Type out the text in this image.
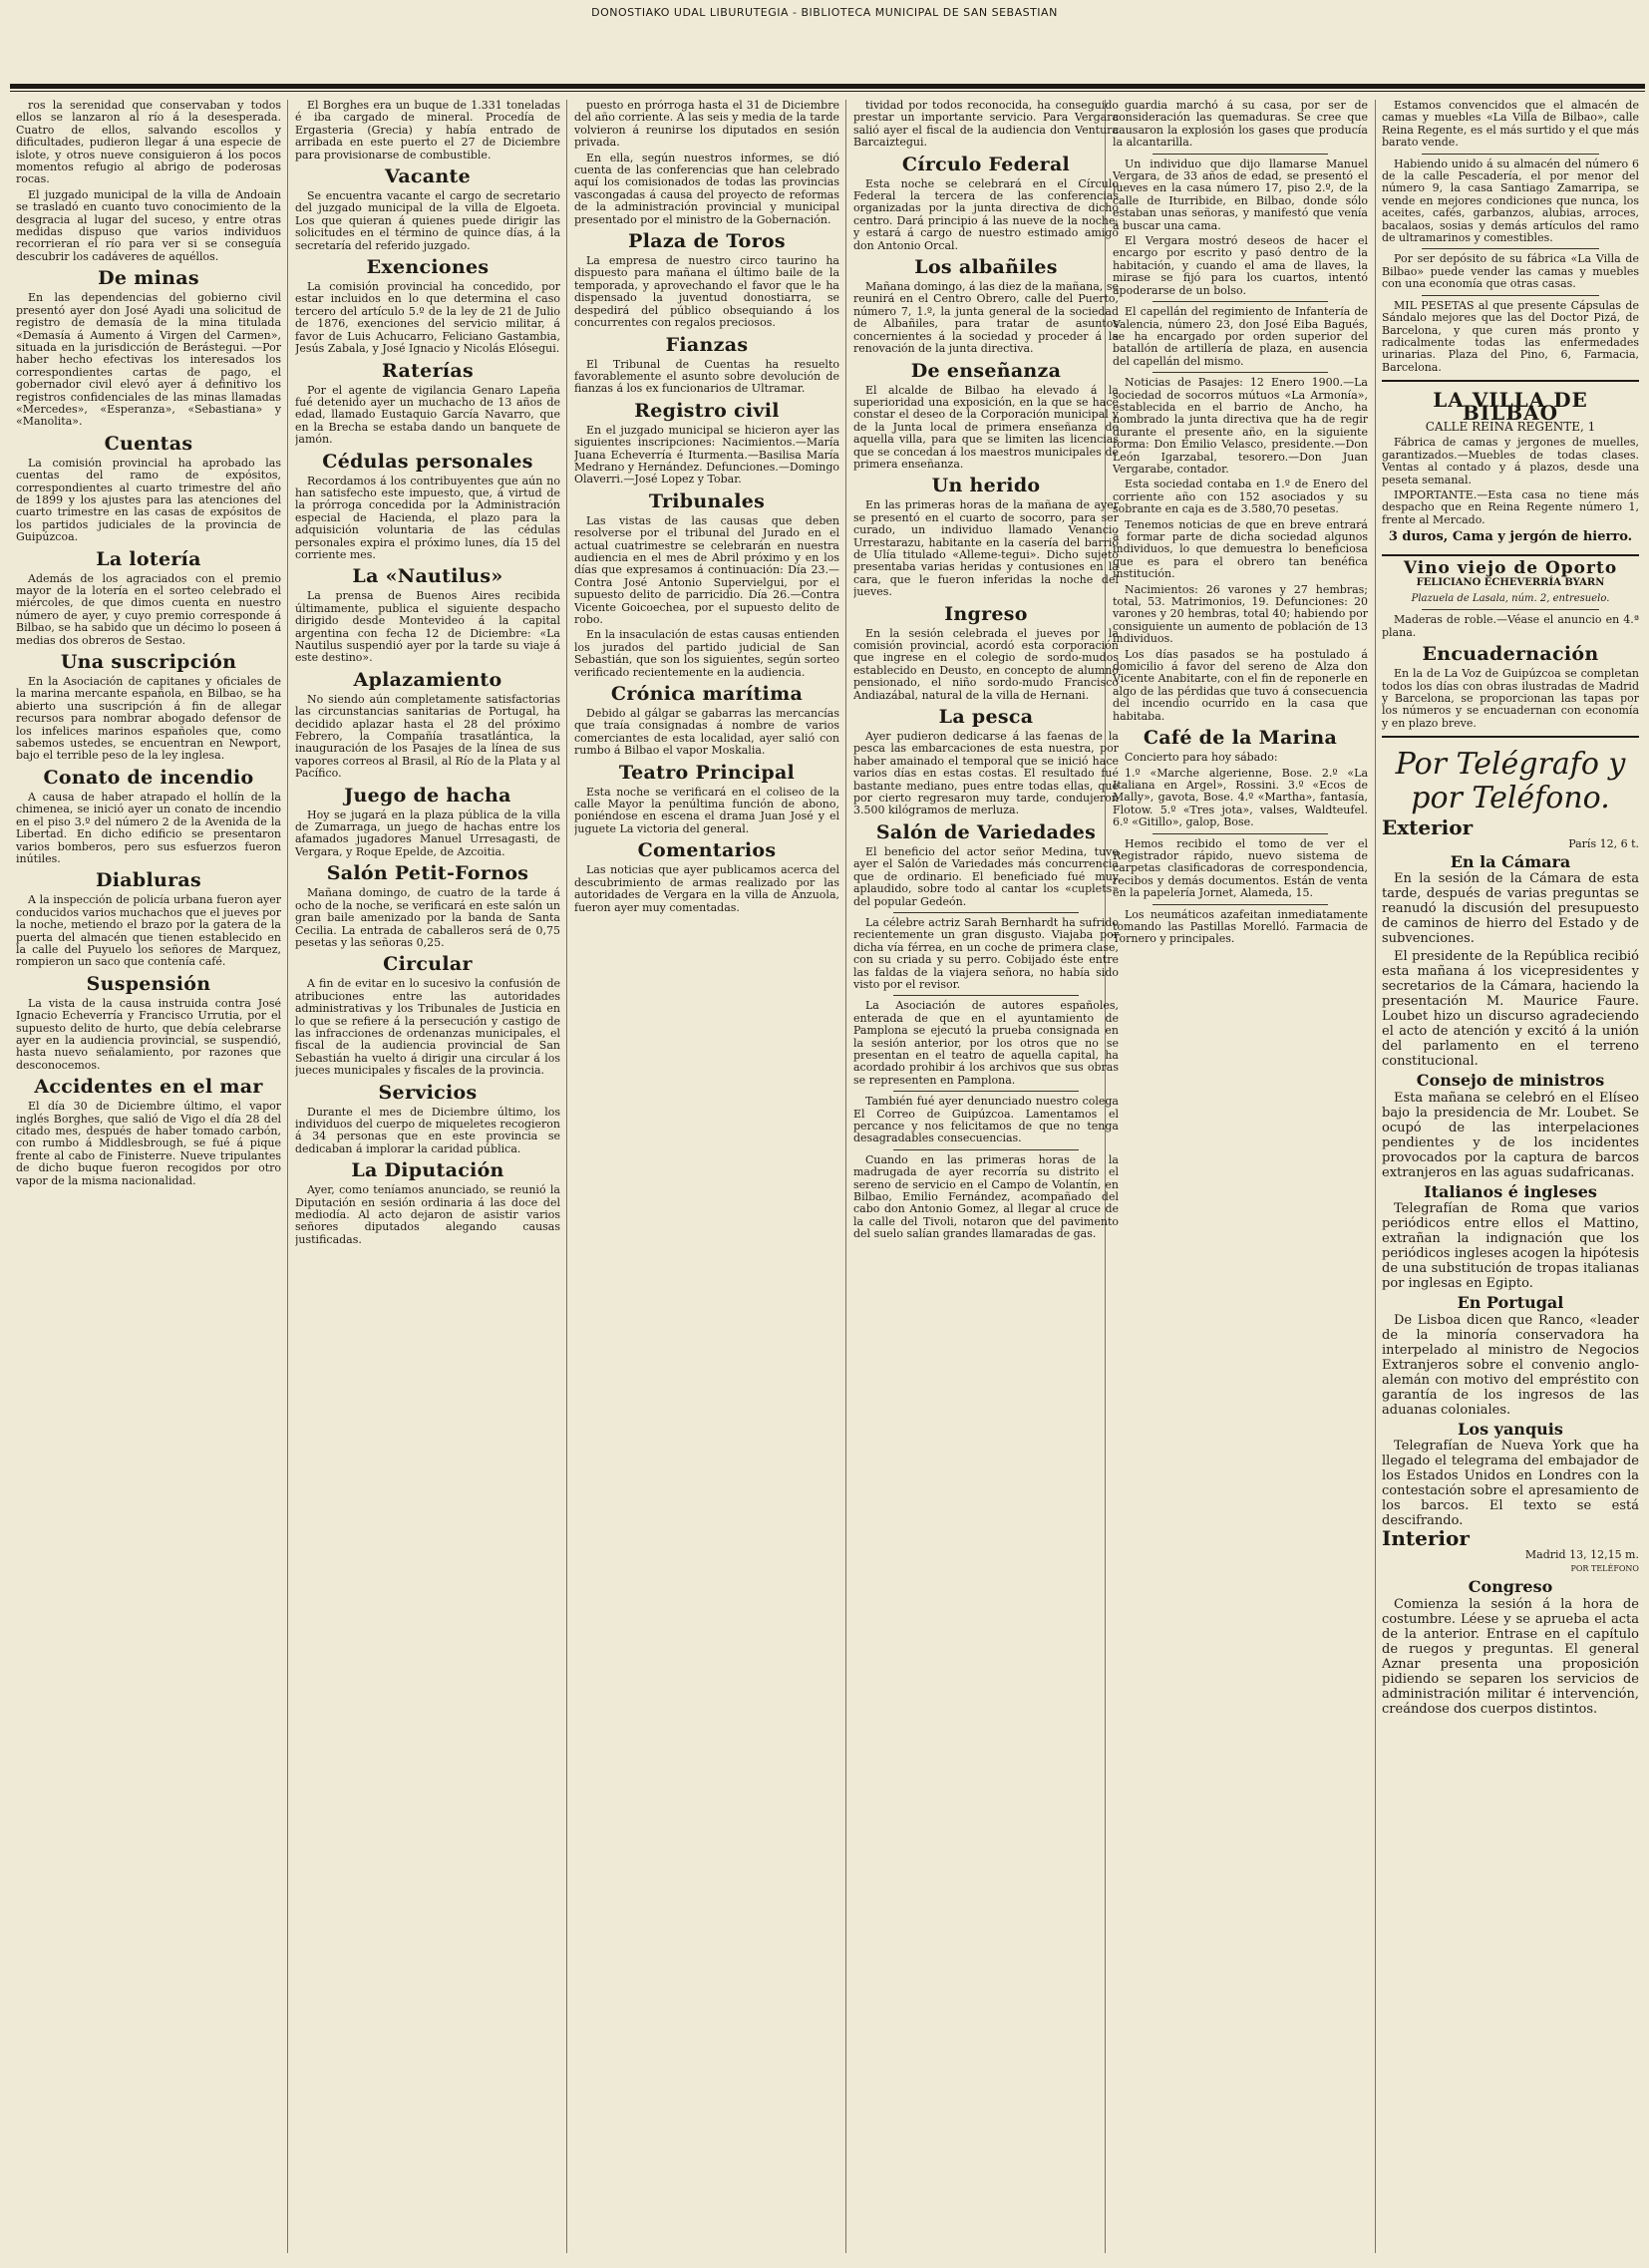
DONOSTIAKO UDAL LIBURUTEGIA - BIBLIOTECA MUNICIPAL DE SAN SEBASTIAN

ros la serenidad que conservaban y todos ellos se lanzaron al río á la desesperada. Cuatro de ellos, salvando escollos y dificultades, pudieron llegar á una especie de islote, y otros nueve consiguieron á los pocos momentos refugio al abrigo de poderosas rocas.

El juzgado municipal de la villa de Andoain se trasladó en cuanto tuvo conocimiento de la desgracia al lugar del suceso, y entre otras medidas dispuso que varios individuos recorrieran el río para ver si se conseguía descubrir los cadáveres de aquéllos.

De minas

En las dependencias del gobierno civil presentó ayer don José Ayadi una solicitud de registro de demasía de la mina titulada «Demasía á Aumento á Virgen del Carmen», situada en la jurisdicción de Berástegui. —Por haber hecho efectivas los interesados los correspondientes cartas de pago, el gobernador civil elevó ayer á definitivo los registros confidenciales de las minas llamadas «Mercedes», «Esperanza», «Sebastiana» y «Manolita».

Cuentas

La comisión provincial ha aprobado las cuentas del ramo de expósitos, correspondientes al cuarto trimestre del año de 1899 y los ajustes para las atenciones del cuarto trimestre en las casas de expósitos de los partidos judiciales de la provincia de Guipúzcoa.

La lotería

Además de los agraciados con el premio mayor de la lotería en el sorteo celebrado el miércoles, de que dimos cuenta en nuestro número de ayer, y cuyo premio corresponde á Bilbao, se ha sabido que un décimo lo poseen á medias dos obreros de Sestao.

Una suscripción

En la Asociación de capitanes y oficiales de la marina mercante española, en Bilbao, se ha abierto una suscripción á fin de allegar recursos para nombrar abogado defensor de los infelices marinos españoles que, como sabemos ustedes, se encuentran en Newport, bajo el terrible peso de la ley inglesa.

Conato de incendio

A causa de haber atrapado el hollín de la chimenea, se inició ayer un conato de incendio en el piso 3.º del número 2 de la Avenida de la Libertad. En dicho edificio se presentaron varios bomberos, pero sus esfuerzos fueron inútiles.

Diabluras

A la inspección de policía urbana fueron ayer conducidos varios muchachos que el jueves por la noche, metiendo el brazo por la gatera de la puerta del almacén que tienen establecido en la calle del Puyuelo los señores de Marquez, rompieron un saco que contenía café.

Suspensión

La vista de la causa instruida contra José Ignacio Echeverría y Francisco Urrutia, por el supuesto delito de hurto, que debía celebrarse ayer en la audiencia provincial, se suspendió, hasta nuevo señalamiento, por razones que desconocemos.

Accidentes en el mar

El día 30 de Diciembre último, el vapor inglés Borghes, que salió de Vigo el día 28 del citado mes, después de haber tomado carbón, con rumbo á Middlesbrough, se fué á pique frente al cabo de Finisterre. Nueve tripulantes de dicho buque fueron recogidos por otro vapor de la misma nacionalidad.

El Borghes era un buque de 1.331 toneladas é iba cargado de mineral. Procedía de Ergasteria (Grecia) y había entrado de arribada en este puerto el 27 de Diciembre para provisionarse de combustible.

Vacante

Se encuentra vacante el cargo de secretario del juzgado municipal de la villa de Elgoeta. Los que quieran á quienes puede dirigir las solicitudes en el término de quince días, á la secretaría del referido juzgado.

Exenciones

La comisión provincial ha concedido, por estar incluidos en lo que determina el caso tercero del artículo 5.º de la ley de 21 de Julio de 1876, exenciones del servicio militar, á favor de Luis Achucarro, Feliciano Gastambia, Jesús Zabala, y José Ignacio y Nicolás Elósegui.

Raterías

Por el agente de vigilancia Genaro Lapeña fué detenido ayer un muchacho de 13 años de edad, llamado Eustaquio García Navarro, que en la Brecha se estaba dando un banquete de jamón.

Cédulas personales

Recordamos á los contribuyentes que aún no han satisfecho este impuesto, que, á virtud de la prórroga concedida por la Administración especial de Hacienda, el plazo para la adquisición voluntaria de las cédulas personales expira el próximo lunes, día 15 del corriente mes.

La «Nautilus»

La prensa de Buenos Aires recibida últimamente, publica el siguiente despacho dirigido desde Montevideo á la capital argentina con fecha 12 de Diciembre: «La Nautilus suspendió ayer por la tarde su viaje á este destino».

Aplazamiento

No siendo aún completamente satisfactorias las circunstancias sanitarias de Portugal, ha decidido aplazar hasta el 28 del próximo Febrero, la Compañía trasatlántica, la inauguración de los Pasajes de la línea de sus vapores correos al Brasil, al Río de la Plata y al Pacífico.

Juego de hacha

Hoy se jugará en la plaza pública de la villa de Zumarraga, un juego de hachas entre los afamados jugadores Manuel Urresagasti, de Vergara, y Roque Epelde, de Azcoitia.

Salón Petit-Fornos

Mañana domingo, de cuatro de la tarde á ocho de la noche, se verificará en este salón un gran baile amenizado por la banda de Santa Cecilia. La entrada de caballeros será de 0,75 pesetas y las señoras 0,25.

Circular

A fin de evitar en lo sucesivo la confusión de atribuciones entre las autoridades administrativas y los Tribunales de Justicia en lo que se refiere á la persecución y castigo de las infracciones de ordenanzas municipales, el fiscal de la audiencia provincial de San Sebastián ha vuelto á dirigir una circular á los jueces municipales y fiscales de la provincia.

Servicios

Durante el mes de Diciembre último, los individuos del cuerpo de miqueletes recogieron á 34 personas que en este provincia se dedicaban á implorar la caridad pública.

La Diputación

Ayer, como teníamos anunciado, se reunió la Diputación en sesión ordinaria á las doce del mediodía. Al acto dejaron de asistir varios señores diputados alegando causas justificadas.

puesto en prórroga hasta el 31 de Diciembre del año corriente. A las seis y media de la tarde volvieron á reunirse los diputados en sesión privada.

En ella, según nuestros informes, se dió cuenta de las conferencias que han celebrado aquí los comisionados de todas las provincias vascongadas á causa del proyecto de reformas de la administración provincial y municipal presentado por el ministro de la Gobernación.

Plaza de Toros

La empresa de nuestro circo taurino ha dispuesto para mañana el último baile de la temporada, y aprovechando el favor que le ha dispensado la juventud donostiarra, se despedirá del público obsequiando á los concurrentes con regalos preciosos.

Fianzas

El Tribunal de Cuentas ha resuelto favorablemente el asunto sobre devolución de fianzas á los ex funcionarios de Ultramar.

Registro civil

En el juzgado municipal se hicieron ayer las siguientes inscripciones: Nacimientos.—María Juana Echeverría é Iturmenta.—Basilisa María Medrano y Hernández. Defunciones.—Domingo Olaverri.—José Lopez y Tobar.

Tribunales

Las vistas de las causas que deben resolverse por el tribunal del Jurado en el actual cuatrimestre se celebrarán en nuestra audiencia en el mes de Abril próximo y en los días que expresamos á continuación: Día 23.—Contra José Antonio Supervielgui, por el supuesto delito de parricidio. Día 26.—Contra Vicente Goicoechea, por el supuesto delito de robo.

En la insaculación de estas causas entienden los jurados del partido judicial de San Sebastián, que son los siguientes, según sorteo verificado recientemente en la audiencia.

Crónica marítima

Debido al gálgar se gabarras las mercancías que traía consignadas á nombre de varios comerciantes de esta localidad, ayer salió con rumbo á Bilbao el vapor Moskalia.

Teatro Principal

Esta noche se verificará en el coliseo de la calle Mayor la penúltima función de abono, poniéndose en escena el drama Juan José y el juguete La victoria del general.

Comentarios

Las noticias que ayer publicamos acerca del descubrimiento de armas realizado por las autoridades de Vergara en la villa de Anzuola, fueron ayer muy comentadas.

tividad por todos reconocida, ha conseguido prestar un importante servicio. Para Vergara salió ayer el fiscal de la audiencia don Ventura Barcaiztegui.

Círculo Federal

Esta noche se celebrará en el Círculo Federal la tercera de las conferencias organizadas por la junta directiva de dicho centro. Dará principio á las nueve de la noche, y estará á cargo de nuestro estimado amigo don Antonio Orcal.

Los albañiles

Mañana domingo, á las diez de la mañana, se reunirá en el Centro Obrero, calle del Puerto, número 7, 1.º, la junta general de la sociedad de Albañiles, para tratar de asuntos concernientes á la sociedad y proceder á la renovación de la junta directiva.

De enseñanza

El alcalde de Bilbao ha elevado á la superioridad una exposición, en la que se hace constar el deseo de la Corporación municipal y de la Junta local de primera enseñanza de aquella villa, para que se limiten las licencias que se concedan á los maestros municipales de primera enseñanza.

Un herido

En las primeras horas de la mañana de ayer se presentó en el cuarto de socorro, para ser curado, un individuo llamado Venancio Urrestarazu, habitante en la casería del barrio de Ulía titulado «Alleme-tegui». Dicho sujeto presentaba varias heridas y contusiones en la cara, que le fueron inferidas la noche del jueves.

Ingreso

En la sesión celebrada el jueves por la comisión provincial, acordó esta corporación que ingrese en el colegio de sordo-mudos establecido en Deusto, en concepto de alumno pensionado, el niño sordo-mudo Francisco Andiazábal, natural de la villa de Hernani.

La pesca

Ayer pudieron dedicarse á las faenas de la pesca las embarcaciones de esta nuestra, por haber amainado el temporal que se inició hace varios días en estas costas. El resultado fué bastante mediano, pues entre todas ellas, que por cierto regresaron muy tarde, condujeron 3.500 kilógramos de merluza.

Salón de Variedades

El beneficio del actor señor Medina, tuvo ayer el Salón de Variedades más concurrencia que de ordinario. El beneficiado fué muy aplaudido, sobre todo al cantar los «cuplets» del popular Gedeón.

La célebre actriz Sarah Bernhardt ha sufrido recientemente un gran disgusto. Viajaba por dicha vía férrea, en un coche de primera clase, con su criada y su perro. Cobijado éste entre las faldas de la viajera señora, no había sido visto por el revisor.

La Asociación de autores españoles, enterada de que en el ayuntamiento de Pamplona se ejecutó la prueba consignada en la sesión anterior, por los otros que no se presentan en el teatro de aquella capital, ha acordado prohibir á los archivos que sus obras se representen en Pamplona.

También fué ayer denunciado nuestro colega El Correo de Guipúzcoa. Lamentamos el percance y nos felicitamos de que no tenga desagradables consecuencias.

Cuando en las primeras horas de la madrugada de ayer recorría su distrito el sereno de servicio en el Campo de Volantín, en Bilbao, Emilio Fernández, acompañado del cabo don Antonio Gomez, al llegar al cruce de la calle del Tivoli, notaron que del pavimento del suelo salían grandes llamaradas de gas.

guardia marchó á su casa, por ser de consideración las quemaduras. Se cree que causaron la explosión los gases que producía la alcantarilla.

Un individuo que dijo llamarse Manuel Vergara, de 33 años de edad, se presentó el jueves en la casa número 17, piso 2.º, de la calle de Iturribide, en Bilbao, donde sólo estaban unas señoras, y manifestó que venía á buscar una cama.

El Vergara mostró deseos de hacer el encargo por escrito y pasó dentro de la habitación, y cuando el ama de llaves, la mirase se fijó para los cuartos, intentó apoderarse de un bolso.

El capellán del regimiento de Infantería de Valencia, número 23, don José Eiba Bagués, se ha encargado por orden superior del batallón de artillería de plaza, en ausencia del capellán del mismo.

Noticias de Pasajes: 12 Enero 1900.—La sociedad de socorros mútuos «La Armonía», establecida en el barrio de Ancho, ha nombrado la junta directiva que ha de regir durante el presente año, en la siguiente forma: Don Emilio Velasco, presidente.—Don León Igarzabal, tesorero.—Don Juan Vergarabe, contador.

Esta sociedad contaba en 1.º de Enero del corriente año con 152 asociados y su sobrante en caja es de 3.580,70 pesetas.

Tenemos noticias de que en breve entrará á formar parte de dicha sociedad algunos individuos, lo que demuestra lo beneficiosa que es para el obrero tan benéfica institución.

Nacimientos: 26 varones y 27 hembras; total, 53. Matrimonios, 19. Defunciones: 20 varones y 20 hembras, total 40; habiendo por consiguiente un aumento de población de 13 individuos.

Los días pasados se ha postulado á domicilio á favor del sereno de Alza don Vicente Anabitarte, con el fin de reponerle en algo de las pérdidas que tuvo á consecuencia del incendio ocurrido en la casa que habitaba.

Café de la Marina

Concierto para hoy sábado:

1.º «Marche algerienne, Bose. 2.º «La Italiana en Argel», Rossini. 3.º «Ecos de Mally», gavota, Bose. 4.º «Martha», fantasía, Flotow. 5.º «Tres jota», valses, Waldteufel. 6.º «Gitillo», galop, Bose.

Hemos recibido el tomo de ver el Registrador rápido, nuevo sistema de carpetas clasificadoras de correspondencia, recibos y demás documentos. Están de venta en la papelería Jornet, Alameda, 15.

Los neumáticos azafeitan inmediatamente tomando las Pastillas Morelló. Farmacia de Tornero y principales.

Estamos convencidos que el almacén de camas y muebles «La Villa de Bilbao», calle Reina Regente, es el más surtido y el que más barato vende.

Habiendo unido á su almacén del número 6 de la calle Pescadería, el por menor del número 9, la casa Santiago Zamarripa, se vende en mejores condiciones que nunca, los aceites, cafés, garbanzos, alubias, arroces, bacalaos, sosias y demás artículos del ramo de ultramarinos y comestibles.

Por ser depósito de su fábrica «La Villa de Bilbao» puede vender las camas y muebles con una economía que otras casas.

MIL PESETAS al que presente Cápsulas de Sándalo mejores que las del Doctor Pizá, de Barcelona, y que curen más pronto y radicalmente todas las enfermedades urinarias. Plaza del Pino, 6, Farmacia, Barcelona.

LA VILLA DE BILBAO
CALLE REINA REGENTE, 1

Fábrica de camas y jergones de muelles, garantizados.—Muebles de todas clases. Ventas al contado y á plazos, desde una peseta semanal.

IMPORTANTE.—Esta casa no tiene más despacho que en Reina Regente número 1, frente al Mercado.

3 duros, Cama y jergón de hierro.
Vino viejo de Oporto
FELICIANO ECHEVERRÍA BYARN
Plazuela de Lasala, núm. 2, entresuelo.

Maderas de roble.—Véase el anuncio en 4.ª plana.

Encuadernación

En la de La Voz de Guipúzcoa se completan todos los días con obras ilustradas de Madrid y Barcelona, se proporcionan las tapas por los números y se encuadernan con economía y en plazo breve.

Por Telégrafo y por Teléfono.
Exterior
París 12, 6 t.
En la Cámara

En la sesión de la Cámara de esta tarde, después de varias preguntas se reanudó la discusión del presupuesto de caminos de hierro del Estado y de subvenciones.

El presidente de la República recibió esta mañana á los vicepresidentes y secretarios de la Cámara, haciendo la presentación M. Maurice Faure. Loubet hizo un discurso agradeciendo el acto de atención y excitó á la unión del parlamento en el terreno constitucional.

Consejo de ministros

Esta mañana se celebró en el Elíseo bajo la presidencia de Mr. Loubet. Se ocupó de las interpelaciones pendientes y de los incidentes provocados por la captura de barcos extranjeros en las aguas sudafricanas.

Italianos é ingleses

Telegrafían de Roma que varios periódicos entre ellos el Mattino, extrañan la indignación que los periódicos ingleses acogen la hipótesis de una substitución de tropas italianas por inglesas en Egipto.

En Portugal

De Lisboa dicen que Ranco, «leader de la minoría conservadora ha interpelado al ministro de Negocios Extranjeros sobre el convenio anglo-alemán con motivo del empréstito con garantía de los ingresos de las aduanas coloniales.

Los yanquis

Telegrafían de Nueva York que ha llegado el telegrama del embajador de los Estados Unidos en Londres con la contestación sobre el apresamiento de los barcos. El texto se está descifrando.

Interior
Madrid 13, 12,15 m.
POR TELÉFONO
Congreso

Comienza la sesión á la hora de costumbre. Léese y se aprueba el acta de la anterior. Entrase en el capítulo de ruegos y preguntas. El general Aznar presenta una proposición pidiendo se separen los servicios de administración militar é intervención, creándose dos cuerpos distintos.
